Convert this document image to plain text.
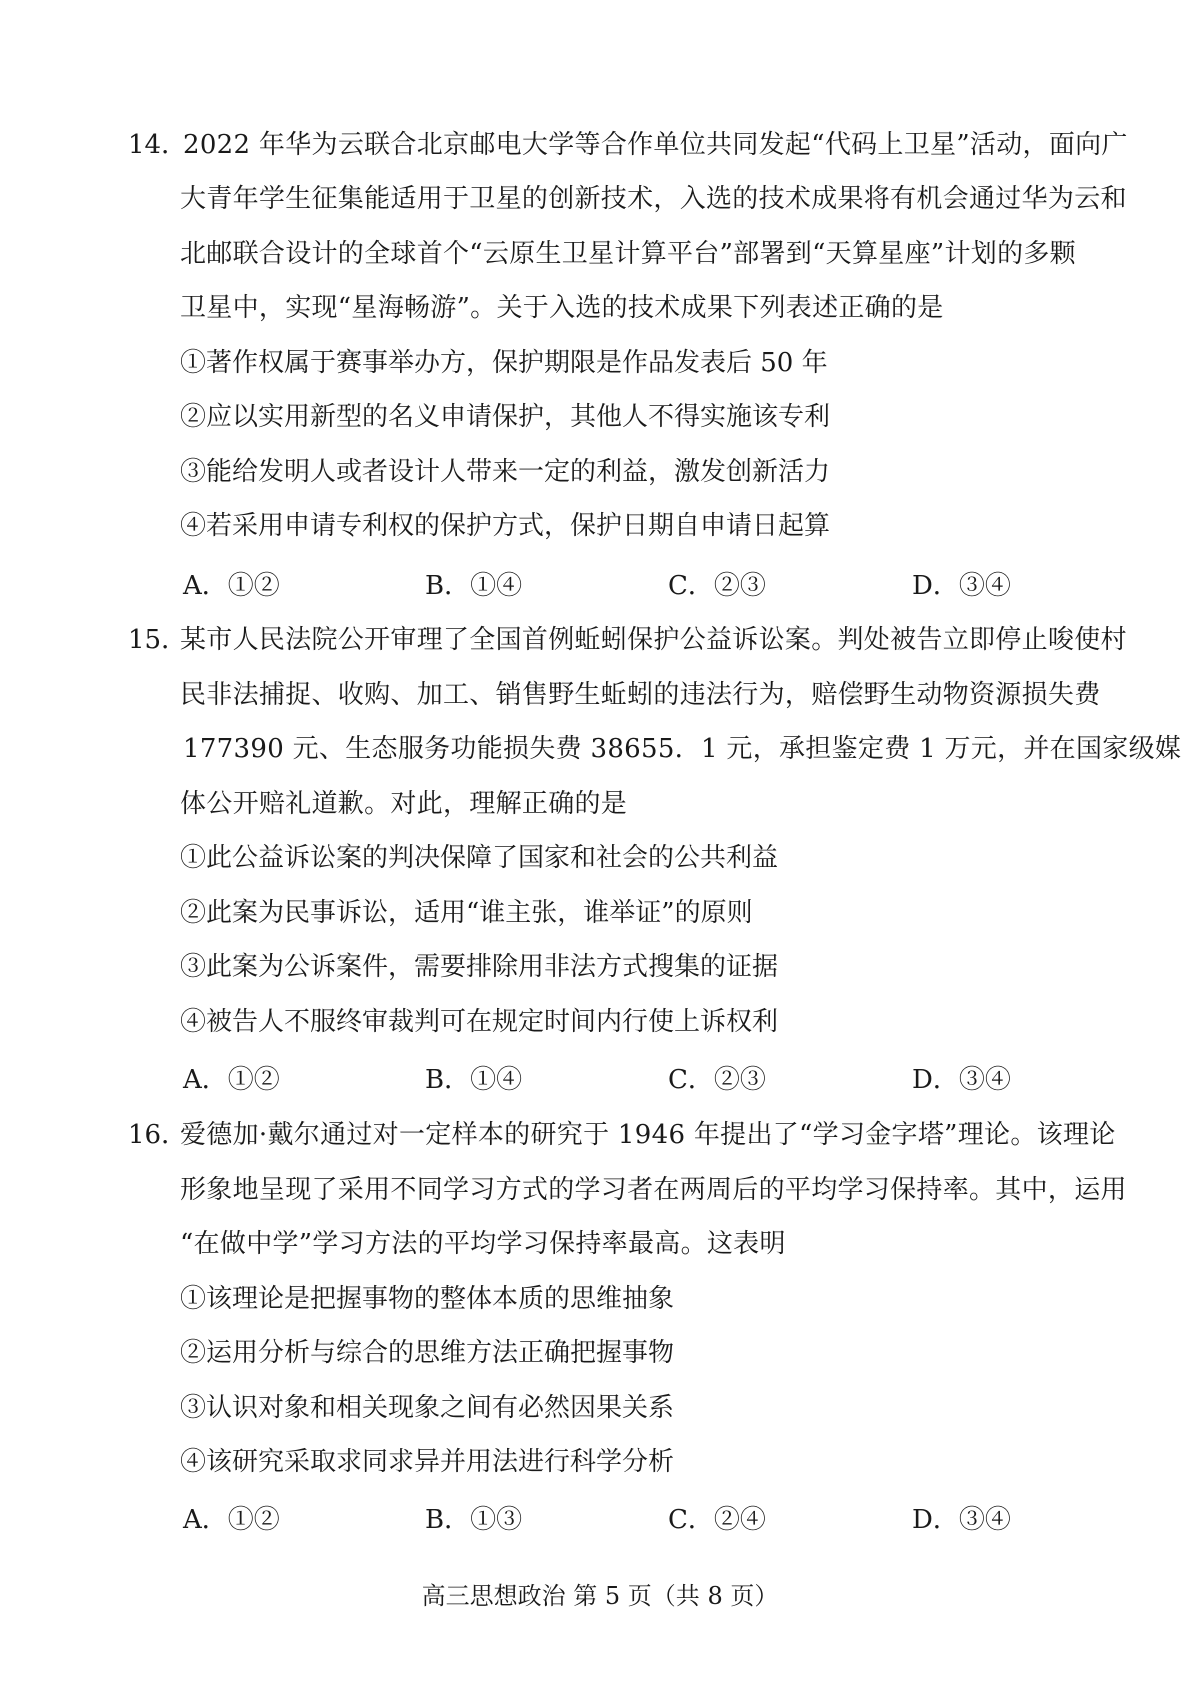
14．
2022 年华为云联合北京邮电大学等合作单位共同发起“代码上卫星”活动，面向广
大青年学生征集能适用于卫星的创新技术，入选的技术成果将有机会通过华为云和
北邮联合设计的全球首个“云原生卫星计算平台”部署到“天算星座”计划的多颗
卫星中，实现“星海畅游”。关于入选的技术成果下列表述正确的是
①著作权属于赛事举办方，保护期限是作品发表后 50 年
②应以实用新型的名义申请保护，其他人不得实施该专利
③能给发明人或者设计人带来一定的利益，激发创新活力
④若采用申请专利权的保护方式，保护日期自申请日起算
A．①②	B．①④	C．②③	D．③④
15．
某市人民法院公开审理了全国首例蚯蚓保护公益诉讼案。判处被告立即停止唆使村
民非法捕捉、收购、加工、销售野生蚯蚓的违法行为，赔偿野生动物资源损失费
177390 元、生态服务功能损失费 38655．1 元，承担鉴定费 1 万元，并在国家级媒
体公开赔礼道歉。对此，理解正确的是
①此公益诉讼案的判决保障了国家和社会的公共利益
②此案为民事诉讼，适用“谁主张，谁举证”的原则
③此案为公诉案件，需要排除用非法方式搜集的证据
④被告人不服终审裁判可在规定时间内行使上诉权利
A．①②	B．①④	C．②③	D．③④
16．
爱德加·戴尔通过对一定样本的研究于 1946 年提出了“学习金字塔”理论。该理论
形象地呈现了采用不同学习方式的学习者在两周后的平均学习保持率。其中，运用
“在做中学”学习方法的平均学习保持率最高。这表明
①该理论是把握事物的整体本质的思维抽象
②运用分析与综合的思维方法正确把握事物
③认识对象和相关现象之间有必然因果关系
④该研究采取求同求异并用法进行科学分析
A．①②	B．①③	C．②④	D．③④
高三思想政治 第 5 页（共 8 页）
